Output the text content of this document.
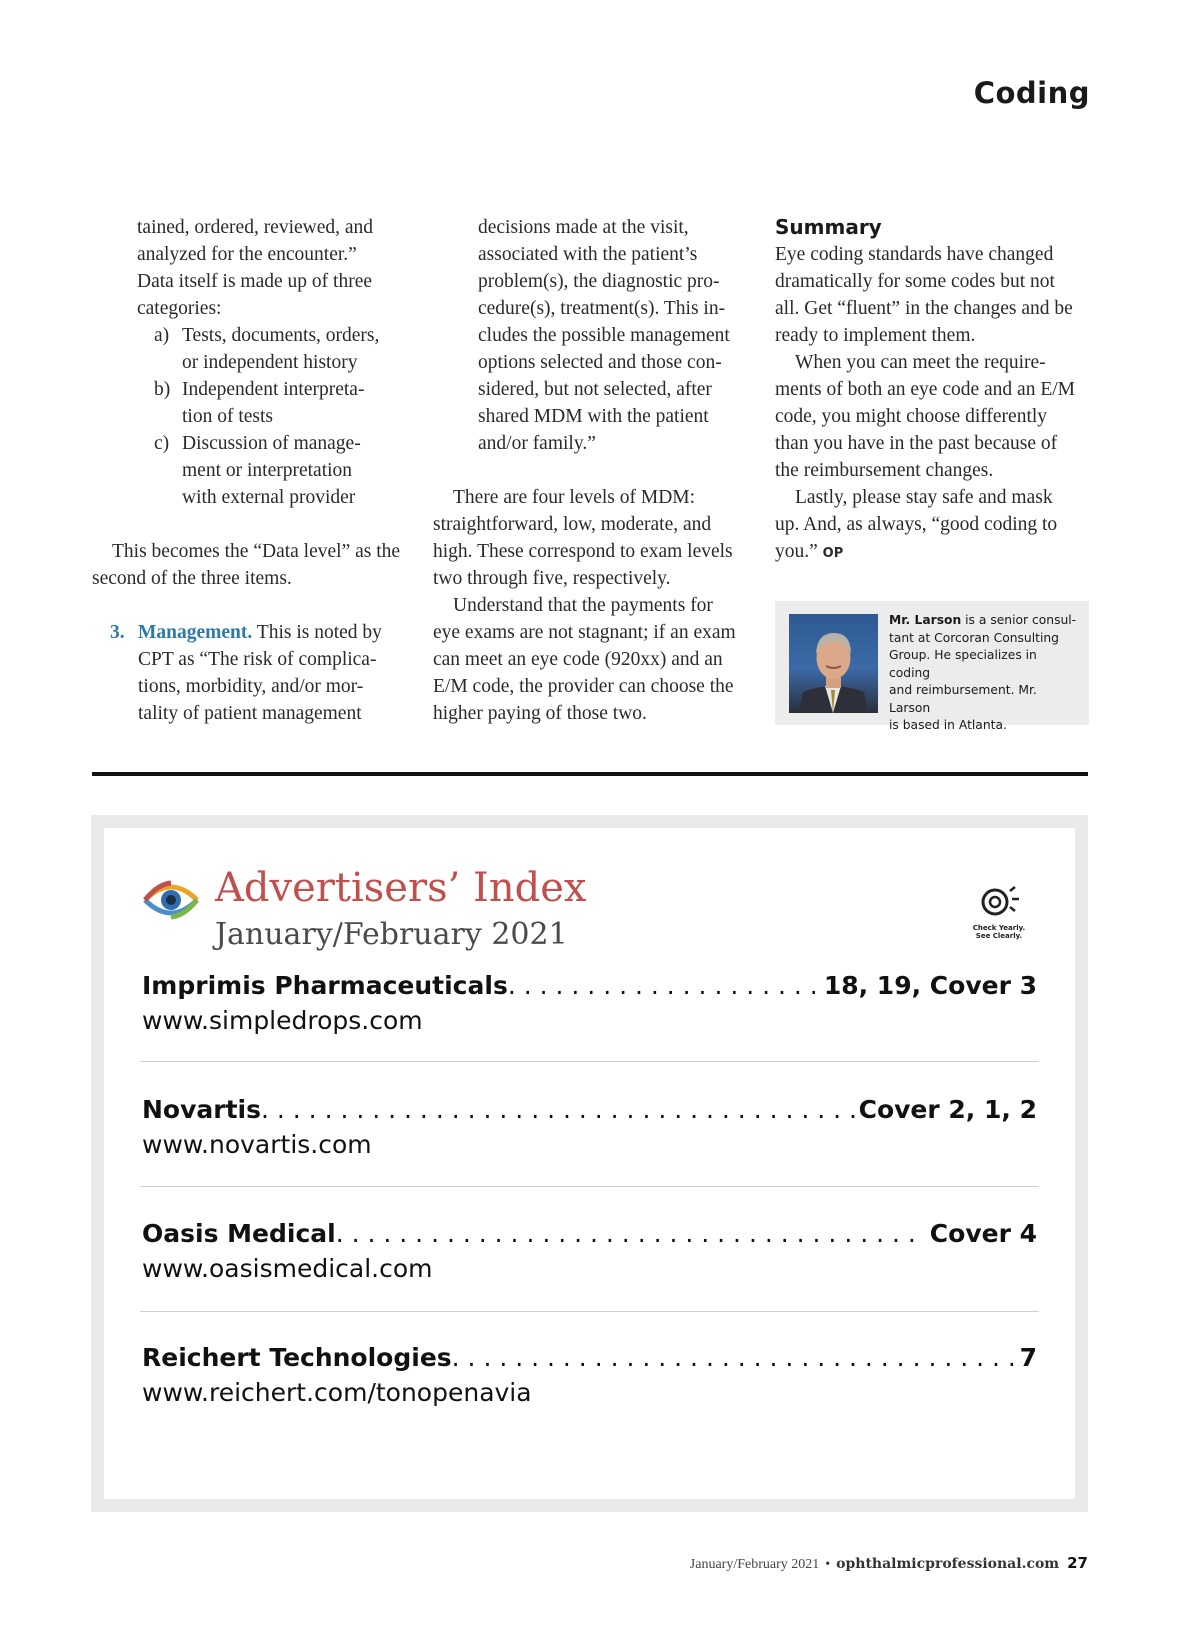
Coding

tained, ordered, reviewed, and

analyzed for the encounter.”

Data itself is made up of three

categories:

a) Tests, documents, orders,
or independent history
b) Independent interpreta-
tion of tests
c) Discussion of manage-
ment or interpretation
with external provider

This becomes the “Data level” as the

second of the three items.

3. Management. This is noted by
CPT as “The risk of complica-
tions, morbidity, and/or mor-
tality of patient management

decisions made at the visit,

associated with the patient’s

problem(s), the diagnostic pro-

cedure(s), treatment(s). This in-

cludes the possible management

options selected and those con-

sidered, but not selected, after

shared MDM with the patient

and/or family.”

There are four levels of MDM:

straightforward, low, moderate, and

high. These correspond to exam levels

two through five, respectively.

Understand that the payments for

eye exams are not stagnant; if an exam

can meet an eye code (920xx) and an

E/M code, the provider can choose the

higher paying of those two.

Summary

Eye coding standards have changed

dramatically for some codes but not

all. Get “fluent” in the changes and be

ready to implement them.

When you can meet the require-

ments of both an eye code and an E/M

code, you might choose differently

than you have in the past because of

the reimbursement changes.

Lastly, please stay safe and mask

up. And, as always, “good coding to

you.” OP

Mr. Larson is a senior consul-
tant at Corcoran Consulting
Group. He specializes in coding
and reimbursement. Mr. Larson
is based in Atlanta.
Advertisers’ Index
January/February 2021	Check Yearly.
See Clearly.
Imprimis Pharmaceuticals . . .	18, 19, Cover 3
www.simpledrops.com
Novartis . . .	Cover 2, 1, 2
www.novartis.com
Oasis Medical . . .	Cover 4
www.oasismedical.com
Reichert Technologies . . .	7
www.reichert.com/tonopenavia
January/February 2021 • ophthalmicprofessional.com 27
